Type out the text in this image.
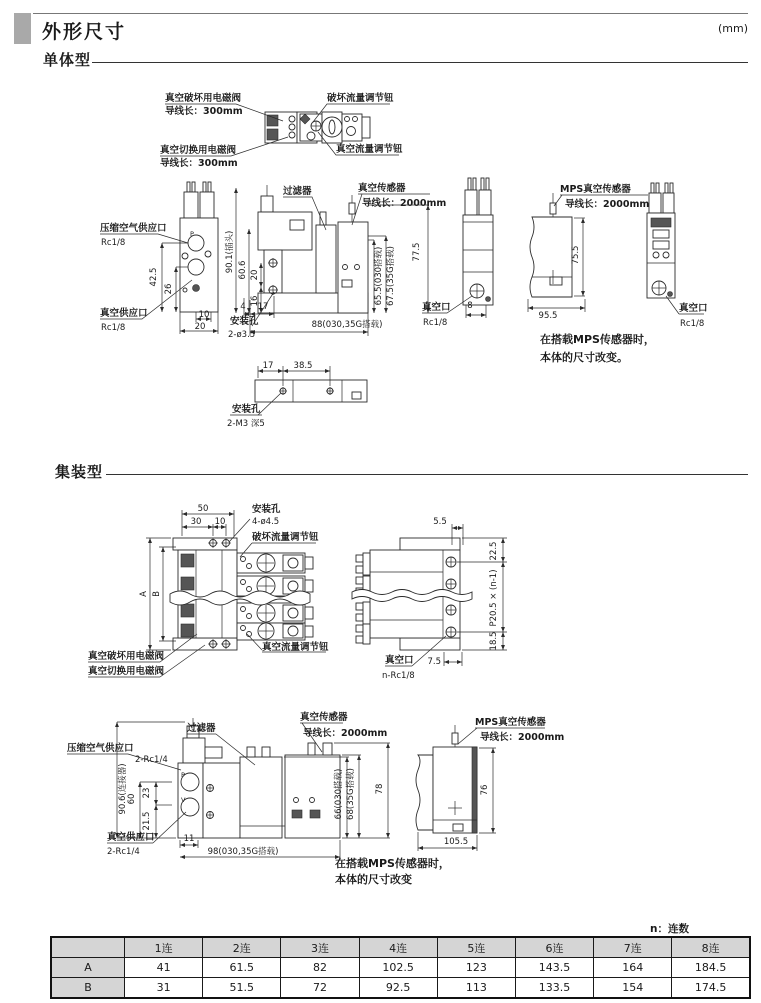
外形尺寸	(mm)
单体型
真空破坏用电磁阀
导线长：300mm
真空切换用电磁阀
导线长：300mm
破坏流量调节钮
真空流量调节钮
P
42.5
26
10
20
压缩空气供应口
Rc1/8
真空供应口
Rc1/8
过滤器	真空传感器
导线长：2000mm
90.1(插头) 60.6 20
16
4 17
88(030,35G搭载)
65.5(030搭载) 67.5(35G搭载) 77.5
安装孔
2-ø3.5
真空口
Rc1/8
8
MPS真空传感器
导线长：2000mm
75.5
95.5
真空口
Rc1/8
在搭载MPS传感器时，
本体的尺寸改变。
17 38.5
安装孔
2-M3 深5
集装型
50
30 10
安装孔
4-ø4.5
破坏流量调节钮
真空流量调节钮
A B
真空破坏用电磁阀
真空切换用电磁阀
5.5
22.5
P20.5 × (n-1)
18.5
7.5
真空口
n-Rc1/8
P
V
过滤器
真空传感器
导线长：2000mm
压缩空气供应口
2-Rc1/4
90.6(连接器) 60
23
21.5
真空供应口
2-Rc1/4
11
98(030,35G搭载)
66(030搭载) 68(35G搭载) 78
MPS真空传感器
导线长：2000mm
76
105.5
在搭载MPS传感器时，
本体的尺寸改变
n：连数
	1连	2连	3连	4连	5连	6连	7连	8连
A	41	61.5	82	102.5	123	143.5	164	184.5
B	31	51.5	72	92.5	113	133.5	154	174.5
